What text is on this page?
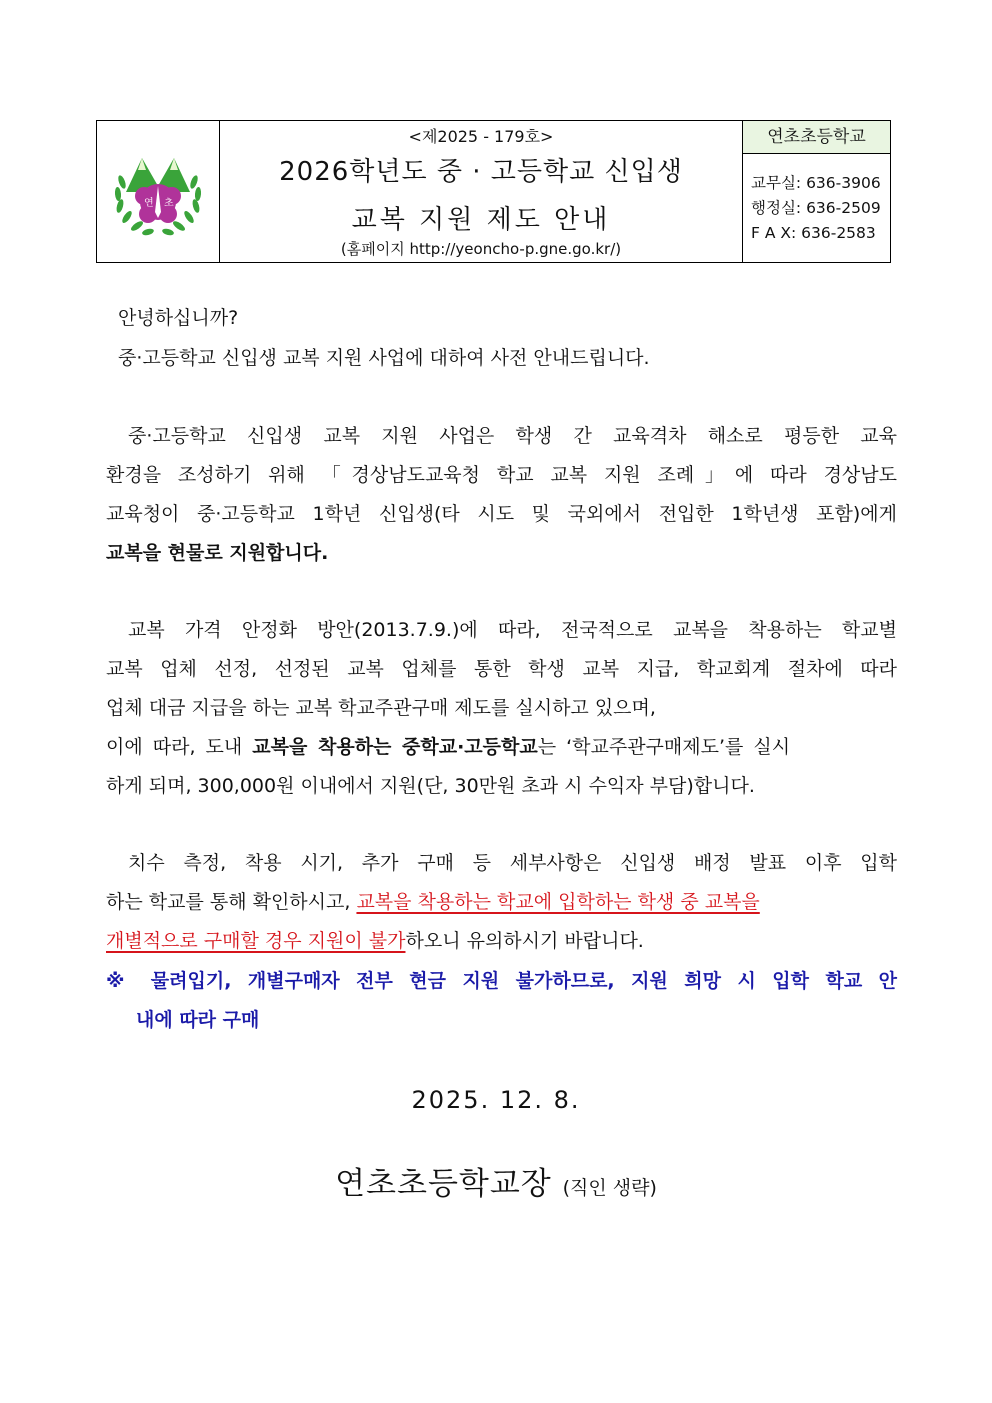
연 초
<제2025 - 179호>
2026학년도 중 · 고등학교 신입생
교복 지원 제도 안내
(홈페이지 http://yeoncho-p.gne.go.kr/)
연초초등학교
교무실: 636-3906
행정실: 636-2509
F A X: 636-2583
안녕하십니까?
중·고등학교 신입생 교복 지원 사업에 대하여 사전 안내드립니다.
중·고등학교 신입생 교복 지원 사업은 학생 간 교육격차 해소로 평등한 교육
환경을 조성하기 위해 「경상남도교육청 학교 교복 지원 조례」에 따라 경상남도
교육청이 중·고등학교 1학년 신입생(타 시도 및 국외에서 전입한 1학년생 포함)에게
교복을 현물로 지원합니다.
교복 가격 안정화 방안(2013.7.9.)에 따라, 전국적으로 교복을 착용하는 학교별
교복 업체 선정, 선정된 교복 업체를 통한 학생 교복 지급, 학교회계 절차에 따라
업체 대금 지급을 하는 교복 학교주관구매 제도를 실시하고 있으며,
이에 따라, 도내 교복을 착용하는 중학교·고등학교는 ‘학교주관구매제도’를 실시
하게 되며, 300,000원 이내에서 지원(단, 30만원 초과 시 수익자 부담)합니다.
치수 측정, 착용 시기, 추가 구매 등 세부사항은 신입생 배정 발표 이후 입학
하는 학교를 통해 확인하시고, 교복을 착용하는 학교에 입학하는 학생 중 교복을
개별적으로 구매할 경우 지원이 불가하오니 유의하시기 바랍니다.
※ 물려입기, 개별구매자 전부 현금 지원 불가하므로, 지원 희망 시 입학 학교 안
내에 따라 구매
2025. 12. 8.
연초초등학교장 (직인 생략)
